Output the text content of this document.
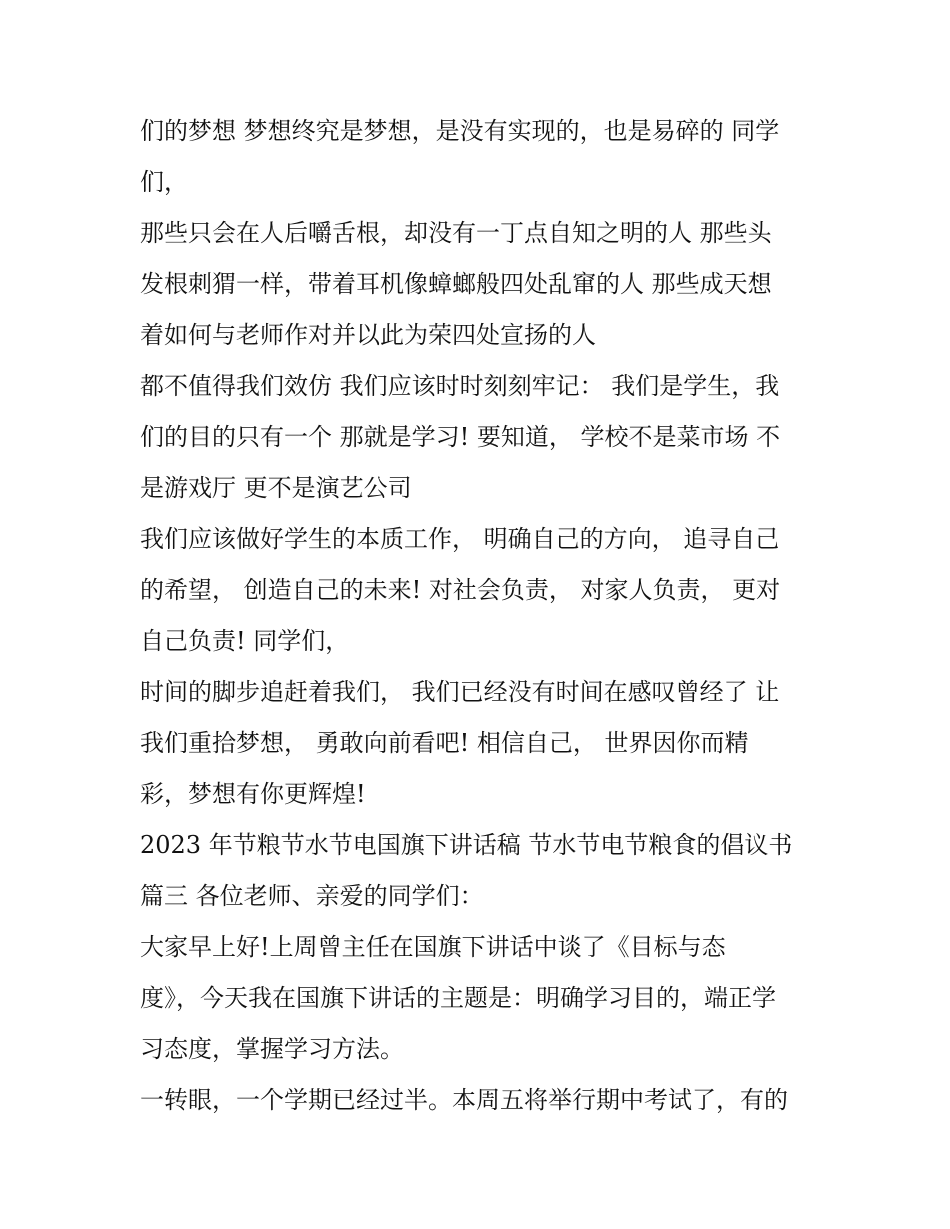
们的梦想 梦想终究是梦想，是没有实现的，也是易碎的 同学
们，
那些只会在人后嚼舌根，却没有一丁点自知之明的人 那些头
发根刺猬一样，带着耳机像蟑螂般四处乱窜的人 那些成天想
着如何与老师作对并以此为荣四处宣扬的人
都不值得我们效仿 我们应该时时刻刻牢记： 我们是学生，我
们的目的只有一个 那就是学习! 要知道， 学校不是菜市场 不
是游戏厅 更不是演艺公司
我们应该做好学生的本质工作， 明确自己的方向， 追寻自己
的希望， 创造自己的未来! 对社会负责， 对家人负责， 更对
自己负责! 同学们，
时间的脚步追赶着我们， 我们已经没有时间在感叹曾经了 让
我们重拾梦想， 勇敢向前看吧! 相信自己， 世界因你而精
彩，梦想有你更辉煌!
2023 年节粮节水节电国旗下讲话稿 节水节电节粮食的倡议书
篇三 各位老师、亲爱的同学们：
大家早上好!上周曾主任在国旗下讲话中谈了《目标与态
度》，今天我在国旗下讲话的主题是：明确学习目的，端正学
习态度，掌握学习方法。
一转眼，一个学期已经过半。本周五将举行期中考试了，有的
